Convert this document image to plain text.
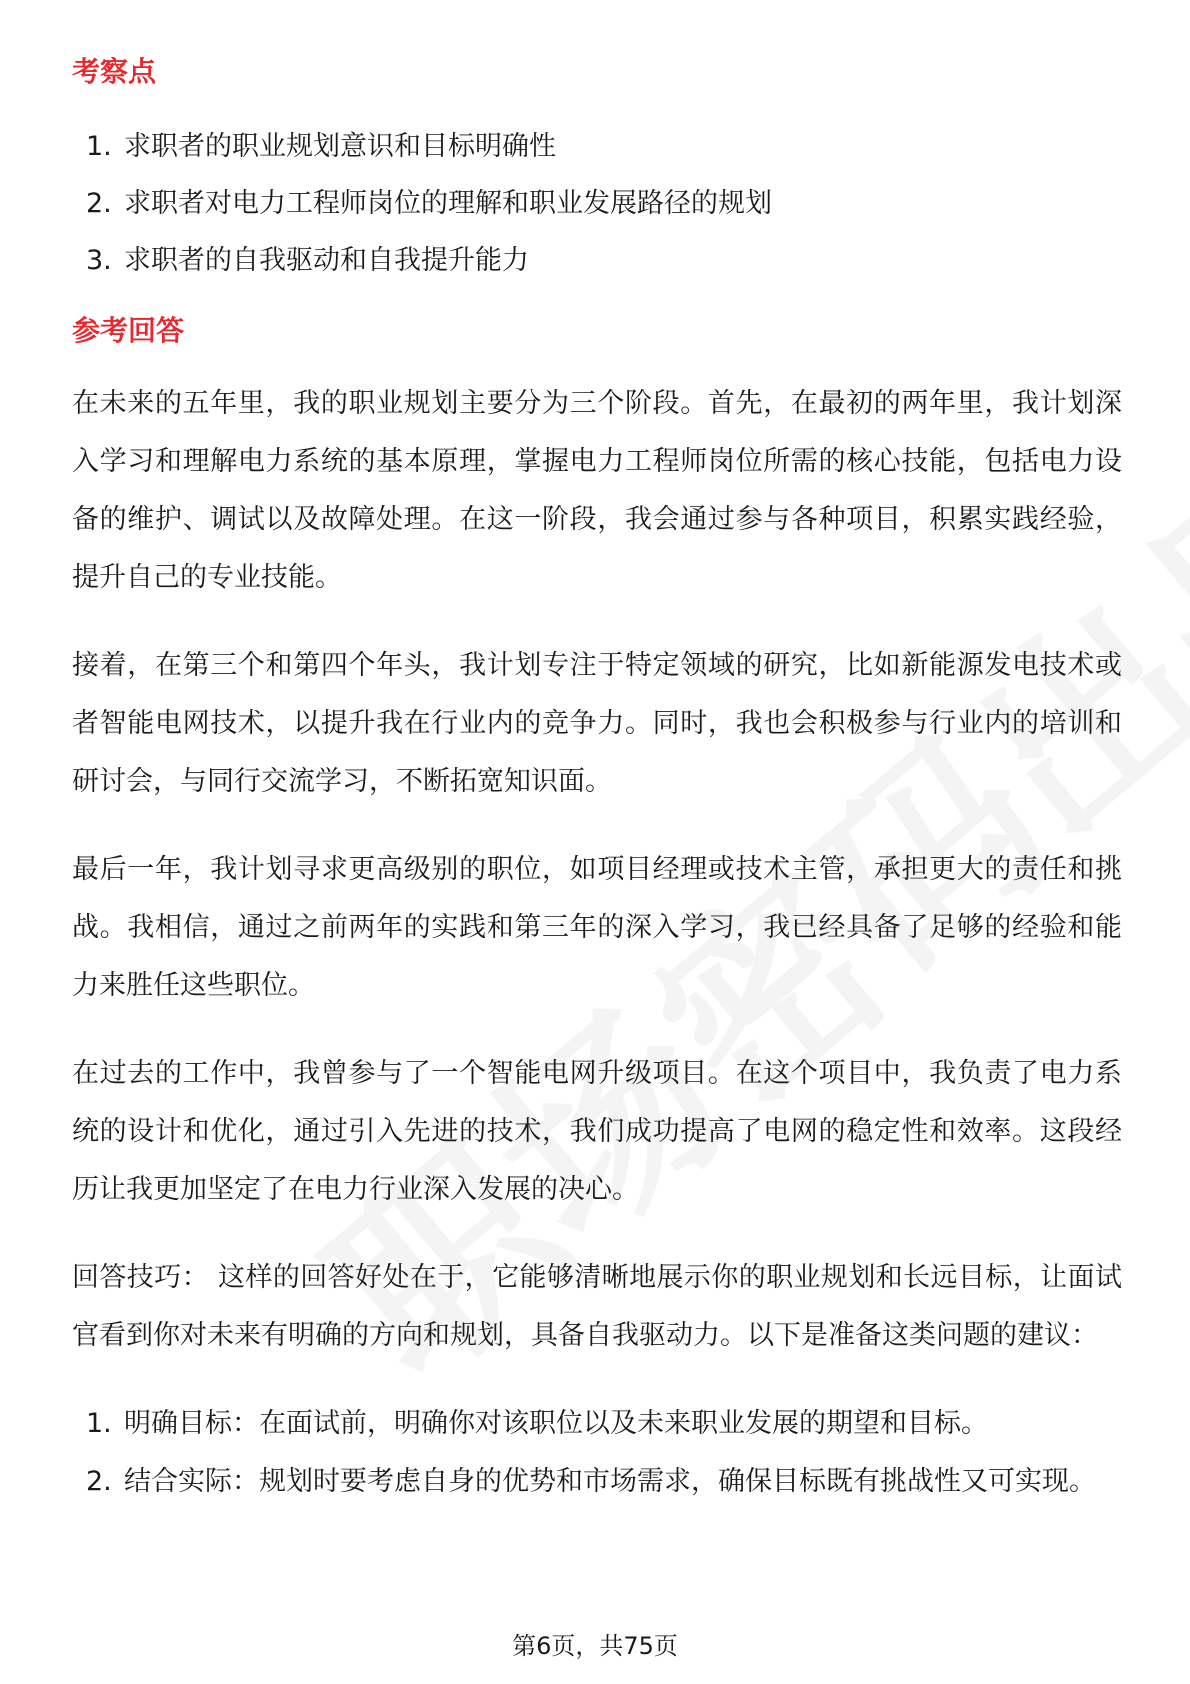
考察点
1. 求职者的职业规划意识和目标明确性
2. 求职者对电力工程师岗位的理解和职业发展路径的规划
3. 求职者的自我驱动和自我提升能力
参考回答

在未来的五年里，我的职业规划主要分为三个阶段。首先，在最初的两年里，我计划深入学习和理解电力系统的基本原理，掌握电力工程师岗位所需的核心技能，包括电力设备的维护、调试以及故障处理。在这一阶段，我会通过参与各种项目，积累实践经验，提升自己的专业技能。

接着，在第三个和第四个年头，我计划专注于特定领域的研究，比如新能源发电技术或者智能电网技术，以提升我在行业内的竞争力。同时，我也会积极参与行业内的培训和研讨会，与同行交流学习，不断拓宽知识面。

最后一年，我计划寻求更高级别的职位，如项目经理或技术主管，承担更大的责任和挑战。我相信，通过之前两年的实践和第三年的深入学习，我已经具备了足够的经验和能力来胜任这些职位。

在过去的工作中，我曾参与了一个智能电网升级项目。在这个项目中，我负责了电力系统的设计和优化，通过引入先进的技术，我们成功提高了电网的稳定性和效率。这段经历让我更加坚定了在电力行业深入发展的决心。

回答技巧： 这样的回答好处在于，它能够清晰地展示你的职业规划和长远目标，让面试官看到你对未来有明确的方向和规划，具备自我驱动力。以下是准备这类问题的建议：

1. 明确目标：在面试前，明确你对该职位以及未来职业发展的期望和目标。
2. 结合实际：规划时要考虑自身的优势和市场需求，确保目标既有挑战性又可实现。
第6页，共75页
